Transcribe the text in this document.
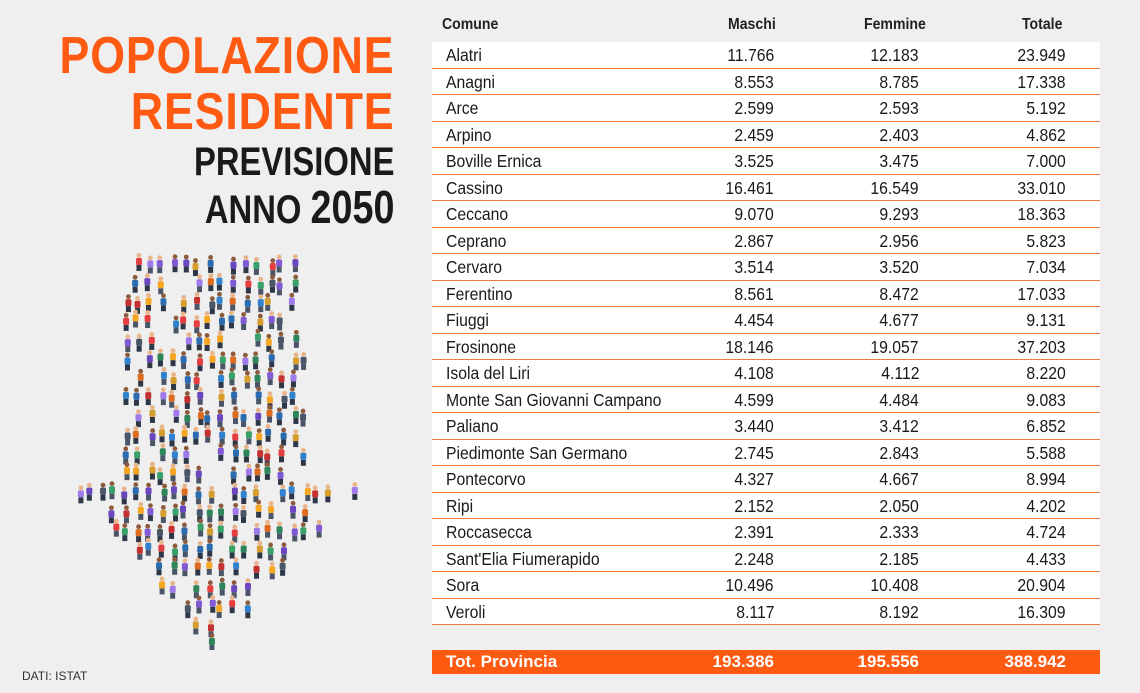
POPOLAZIONE
RESIDENTE
PREVISIONE
ANNO 2050
DATI: ISTAT
Comune	Maschi	Femmine	Totale
Alatri	11.766	12.183	23.949
Anagni	8.553	8.785	17.338
Arce	2.599	2.593	5.192
Arpino	2.459	2.403	4.862
Boville Ernica	3.525	3.475	7.000
Cassino	16.461	16.549	33.010
Ceccano	9.070	9.293	18.363
Ceprano	2.867	2.956	5.823
Cervaro	3.514	3.520	7.034
Ferentino	8.561	8.472	17.033
Fiuggi	4.454	4.677	9.131
Frosinone	18.146	19.057	37.203
Isola del Liri	4.108	4.112	8.220
Monte San Giovanni Campano	4.599	4.484	9.083
Paliano	3.440	3.412	6.852
Piedimonte San Germano	2.745	2.843	5.588
Pontecorvo	4.327	4.667	8.994
Ripi	2.152	2.050	4.202
Roccasecca	2.391	2.333	4.724
Sant'Elia Fiumerapido	2.248	2.185	4.433
Sora	10.496	10.408	20.904
Veroli	8.117	8.192	16.309
Tot. Provincia	193.386	195.556	388.942
